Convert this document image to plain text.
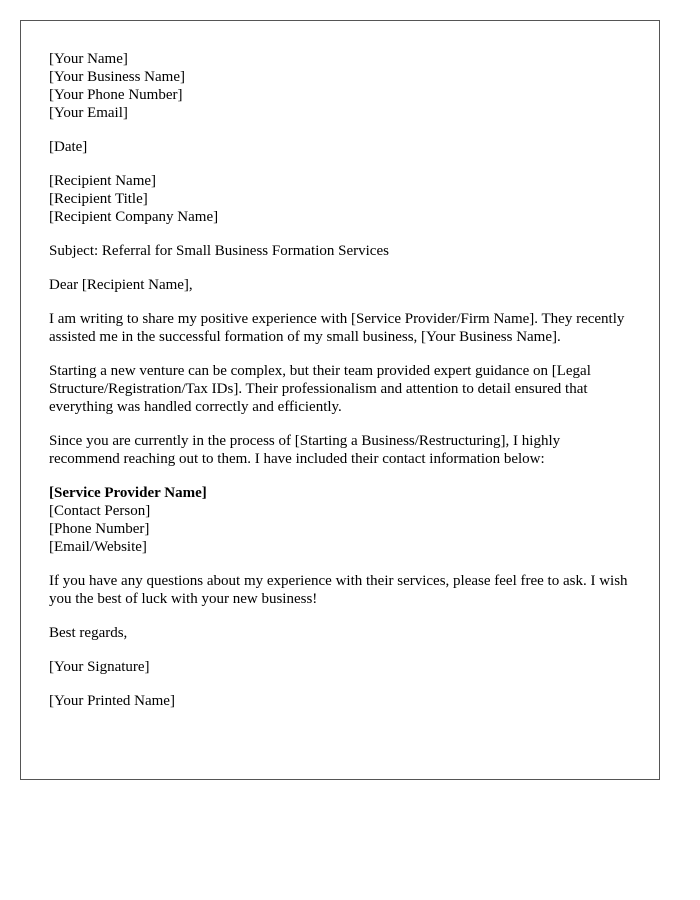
[Your Name]
[Your Business Name]
[Your Phone Number]
[Your Email]
[Date]
[Recipient Name]
[Recipient Title]
[Recipient Company Name]

Subject: Referral for Small Business Formation Services

Dear [Recipient Name],

I am writing to share my positive experience with [Service Provider/Firm Name]. They recently assisted me in the successful formation of my small business, [Your Business Name].

Starting a new venture can be complex, but their team provided expert guidance on [Legal Structure/Registration/Tax IDs]. Their professionalism and attention to detail ensured that everything was handled correctly and efficiently.

Since you are currently in the process of [Starting a Business/Restructuring], I highly recommend reaching out to them. I have included their contact information below:

[Service Provider Name]
[Contact Person]
[Phone Number]
[Email/Website]

If you have any questions about my experience with their services, please feel free to ask. I wish you the best of luck with your new business!

Best regards,

[Your Signature]

[Your Printed Name]
